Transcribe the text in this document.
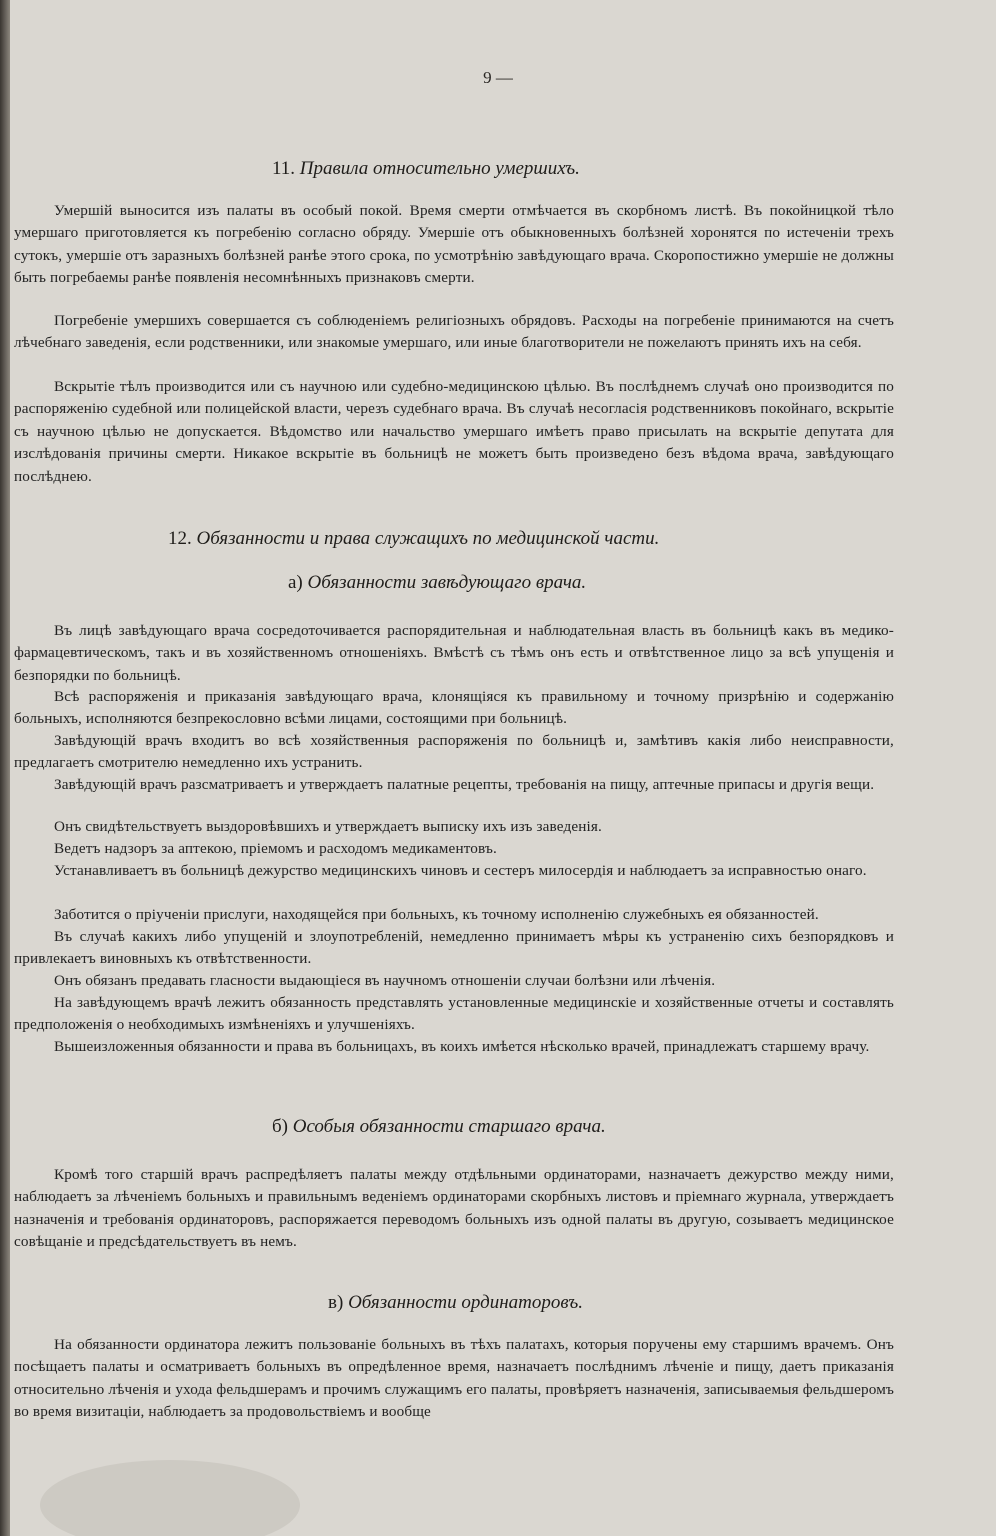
9 —
11. Правила относительно умершихъ.

Умершій выносится изъ палаты въ особый покой. Время смерти отмѣчается въ скорбномъ листѣ. Въ покойницкой тѣло умершаго приготовляется къ погребенію согласно обряду. Умершіе отъ обыкновенныхъ болѣзней хоронятся по истеченіи трехъ сутокъ, умершіе отъ заразныхъ болѣзней ранѣе этого срока, по усмотрѣнію завѣдующаго врача. Скоропостижно умершіе не должны быть погребаемы ранѣе появленія несомнѣнныхъ признаковъ смерти.

Погребеніе умершихъ совершается съ соблюденіемъ религіозныхъ обрядовъ. Расходы на погребеніе принимаются на счетъ лѣчебнаго заведенія, если родственники, или знакомые умершаго, или иные благотворители не пожелаютъ принять ихъ на себя.

Вскрытіе тѣлъ производится или съ научною или судебно-медицинскою цѣлью. Въ послѣднемъ случаѣ оно производится по распоряженію судебной или полицейской власти, черезъ судебнаго врача. Въ случаѣ несогласія родственниковъ покойнаго, вскрытіе съ научною цѣлью не допускается. Вѣдомство или начальство умершаго имѣетъ право присылать на вскрытіе депутата для изслѣдованія причины смерти. Никакое вскрытіе въ больницѣ не можетъ быть произведено безъ вѣдома врача, завѣдующаго послѣднею.

12. Обязанности и права служащихъ по медицинской части.
а) Обязанности завѣдующаго врача.

Въ лицѣ завѣдующаго врача сосредоточивается распорядительная и наблюдательная власть въ больницѣ какъ въ медико-фармацевтическомъ, такъ и въ хозяйственномъ отношеніяхъ. Вмѣстѣ съ тѣмъ онъ есть и отвѣтственное лицо за всѣ упущенія и безпорядки по больницѣ.

Всѣ распоряженія и приказанія завѣдующаго врача, клонящіяся къ правильному и точному призрѣнію и содержанію больныхъ, исполняются безпрекословно всѣми лицами, состоящими при больницѣ.

Завѣдующій врачъ входитъ во всѣ хозяйственныя распоряженія по больницѣ и, замѣтивъ какія либо неисправности, предлагаетъ смотрителю немедленно ихъ устранить.

Завѣдующій врачъ разсматриваетъ и утверждаетъ палатные рецепты, требованія на пищу, аптечные припасы и другія вещи.

Онъ свидѣтельствуетъ выздоровѣвшихъ и утверждаетъ выписку ихъ изъ заведенія.

Ведетъ надзоръ за аптекою, пріемомъ и расходомъ медикаментовъ.

Устанавливаетъ въ больницѣ дежурство медицинскихъ чиновъ и сестеръ милосердія и наблюдаетъ за исправностью онаго.

Заботится о пріученіи прислуги, находящейся при больныхъ, къ точному исполненію служебныхъ ея обязанностей.

Въ случаѣ какихъ либо упущеній и злоупотребленій, немедленно принимаетъ мѣры къ устраненію сихъ безпорядковъ и привлекаетъ виновныхъ къ отвѣтственности.

Онъ обязанъ предавать гласности выдающіеся въ научномъ отношеніи случаи болѣзни или лѣченія.

На завѣдующемъ врачѣ лежитъ обязанность представлять установленные медицинскіе и хозяйственные отчеты и составлять предположенія о необходимыхъ измѣненіяхъ и улучшеніяхъ.

Вышеизложенныя обязанности и права въ больницахъ, въ коихъ имѣется нѣсколько врачей, принадлежатъ старшему врачу.

б) Особыя обязанности старшаго врача.

Кромѣ того старшій врачъ распредѣляетъ палаты между отдѣльными ординаторами, назначаетъ дежурство между ними, наблюдаетъ за лѣченіемъ больныхъ и правильнымъ веденіемъ ординаторами скорбныхъ листовъ и пріемнаго журнала, утверждаетъ назначенія и требованія ординаторовъ, распоряжается переводомъ больныхъ изъ одной палаты въ другую, созываетъ медицинское совѣщаніе и предсѣдательствуетъ въ немъ.

в) Обязанности ординаторовъ.

На обязанности ординатора лежитъ пользованіе больныхъ въ тѣхъ палатахъ, которыя поручены ему старшимъ врачемъ. Онъ посѣщаетъ палаты и осматриваетъ больныхъ въ опредѣленное время, назначаетъ послѣднимъ лѣченіе и пищу, даетъ приказанія относительно лѣченія и ухода фельдшерамъ и прочимъ служащимъ его палаты, провѣряетъ назначенія, записываемыя фельдшеромъ во время визитаціи, наблюдаетъ за продовольствіемъ и вообще
